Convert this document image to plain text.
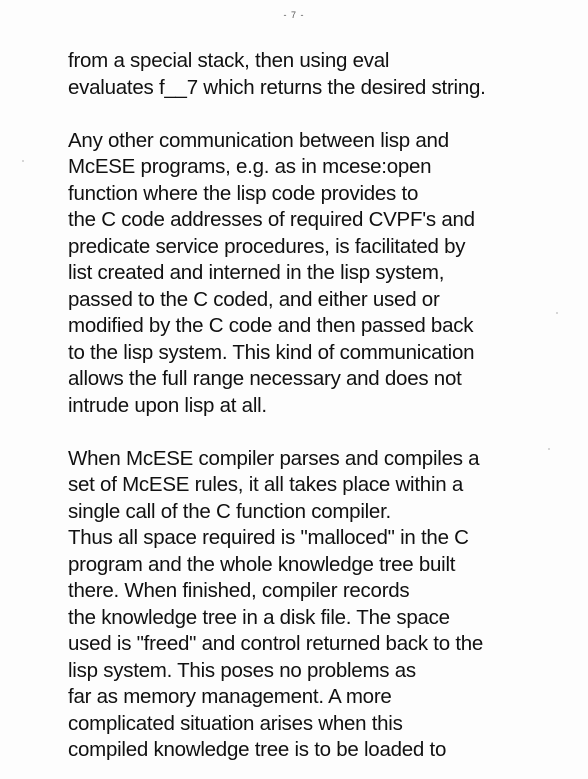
- 7 -

from a special stack, then using eval
evaluates f__7 which returns the desired string.

Any other communication between lisp and
McESE programs, e.g. as in mcese:open
function where the lisp code provides to
the C code addresses of required CVPF's and
predicate service procedures, is facilitated by
list created and interned in the lisp system,
passed to the C coded, and either used or
modified by the C code and then passed back
to the lisp system. This kind of communication
allows the full range necessary and does not
intrude upon lisp at all.

When McESE compiler parses and compiles a
set of McESE rules, it all takes place within a
single call of the C function compiler.
Thus all space required is "malloced" in the C
program and the whole knowledge tree built
there. When finished, compiler records
the knowledge tree in a disk file. The space
used is "freed" and control returned back to the
lisp system. This poses no problems as
far as memory management. A more
complicated situation arises when this
compiled knowledge tree is to be loaded to
